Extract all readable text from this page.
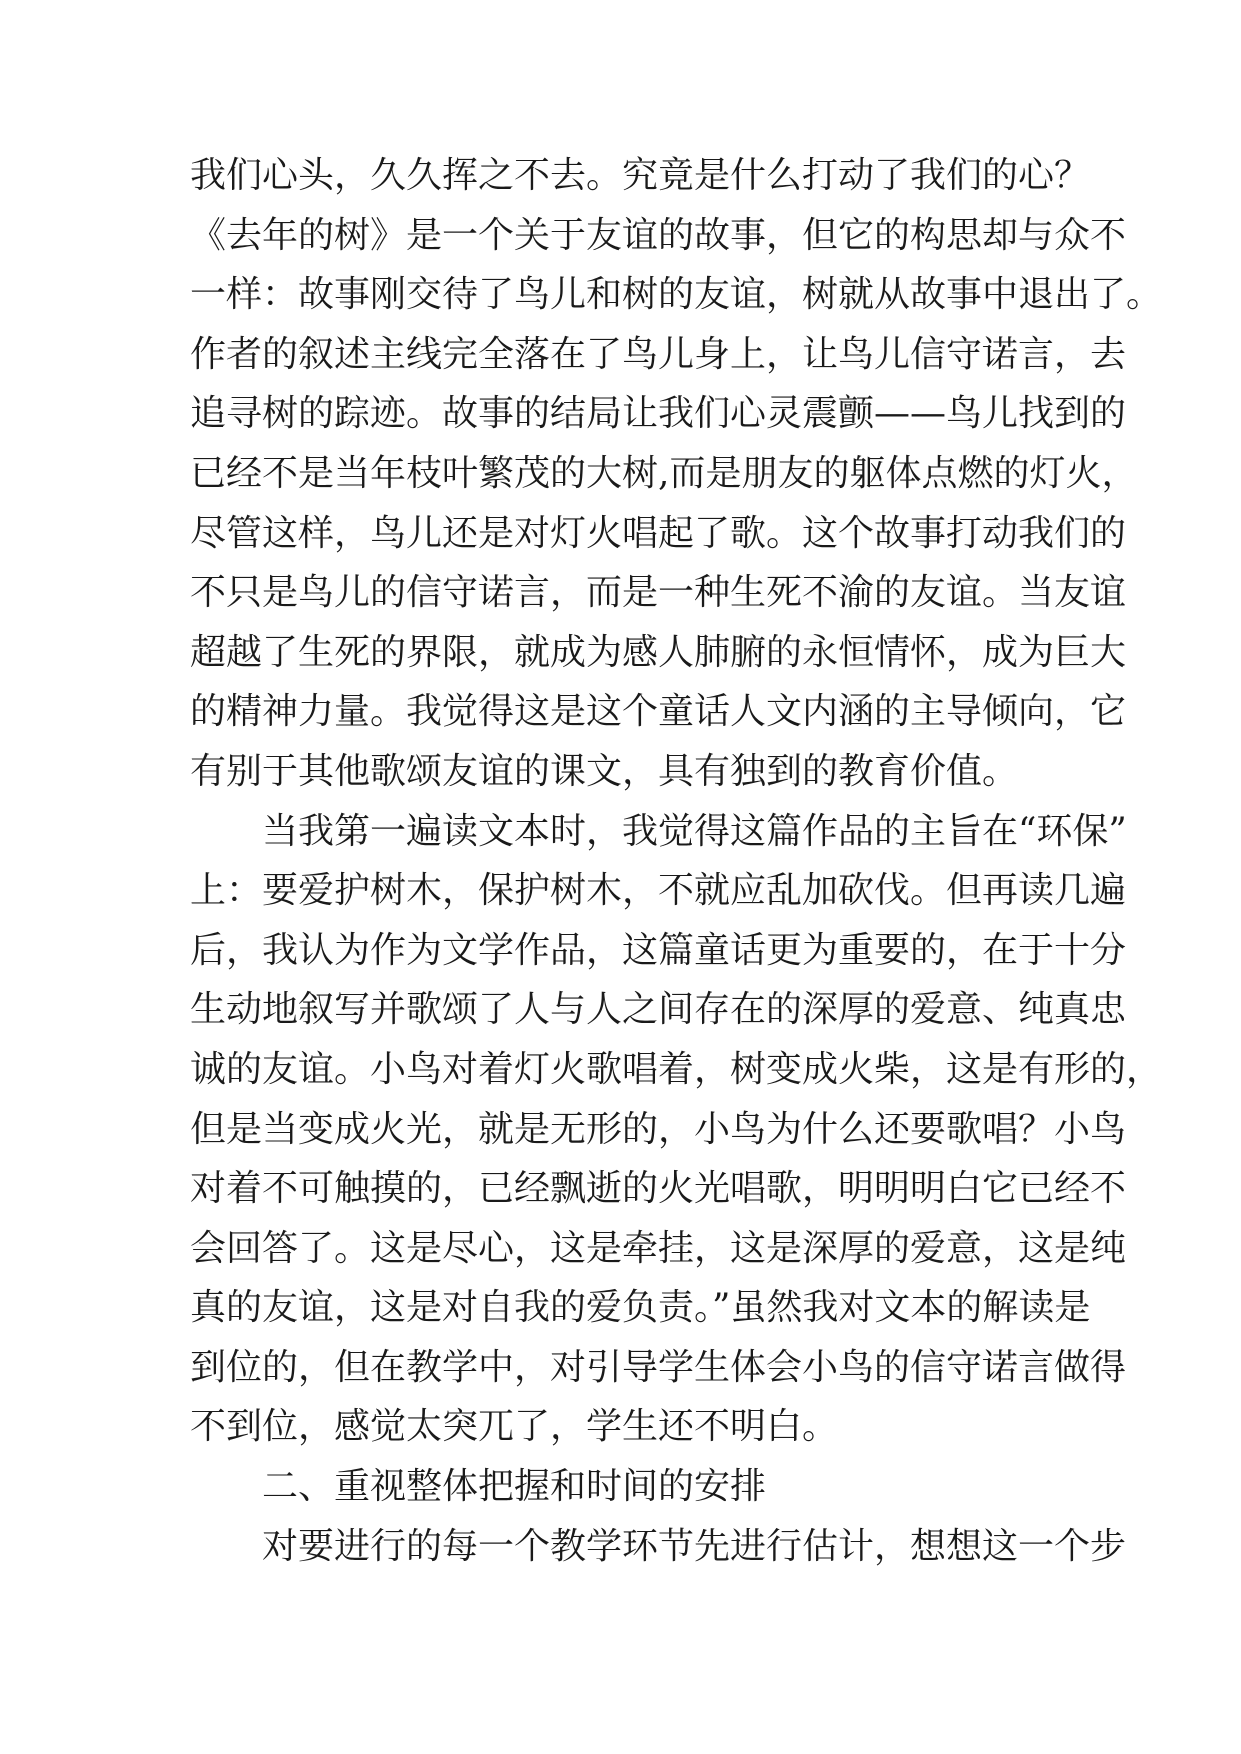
我们心头，久久挥之不去。究竟是什么打动了我们的心？
《去年的树》是一个关于友谊的故事，但它的构思却与众不
一样：故事刚交待了鸟儿和树的友谊，树就从故事中退出了。
作者的叙述主线完全落在了鸟儿身上，让鸟儿信守诺言，去
追寻树的踪迹。故事的结局让我们心灵震颤——鸟儿找到的
已经不是当年枝叶繁茂的大树,而是朋友的躯体点燃的灯火，
尽管这样，鸟儿还是对灯火唱起了歌。这个故事打动我们的
不只是鸟儿的信守诺言，而是一种生死不渝的友谊。当友谊
超越了生死的界限，就成为感人肺腑的永恒情怀，成为巨大
的精神力量。我觉得这是这个童话人文内涵的主导倾向，它
有别于其他歌颂友谊的课文，具有独到的教育价值。
当我第一遍读文本时，我觉得这篇作品的主旨在“环保”
上：要爱护树木，保护树木，不就应乱加砍伐。但再读几遍
后，我认为作为文学作品，这篇童话更为重要的，在于十分
生动地叙写并歌颂了人与人之间存在的深厚的爱意、纯真忠
诚的友谊。小鸟对着灯火歌唱着，树变成火柴，这是有形的，
但是当变成火光，就是无形的，小鸟为什么还要歌唱？小鸟
对着不可触摸的，已经飘逝的火光唱歌，明明明白它已经不
会回答了。这是尽心，这是牵挂，这是深厚的爱意，这是纯
真的友谊，这是对自我的爱负责。”虽然我对文本的解读是
到位的，但在教学中，对引导学生体会小鸟的信守诺言做得
不到位，感觉太突兀了，学生还不明白。
二、重视整体把握和时间的安排
对要进行的每一个教学环节先进行估计，想想这一个步
